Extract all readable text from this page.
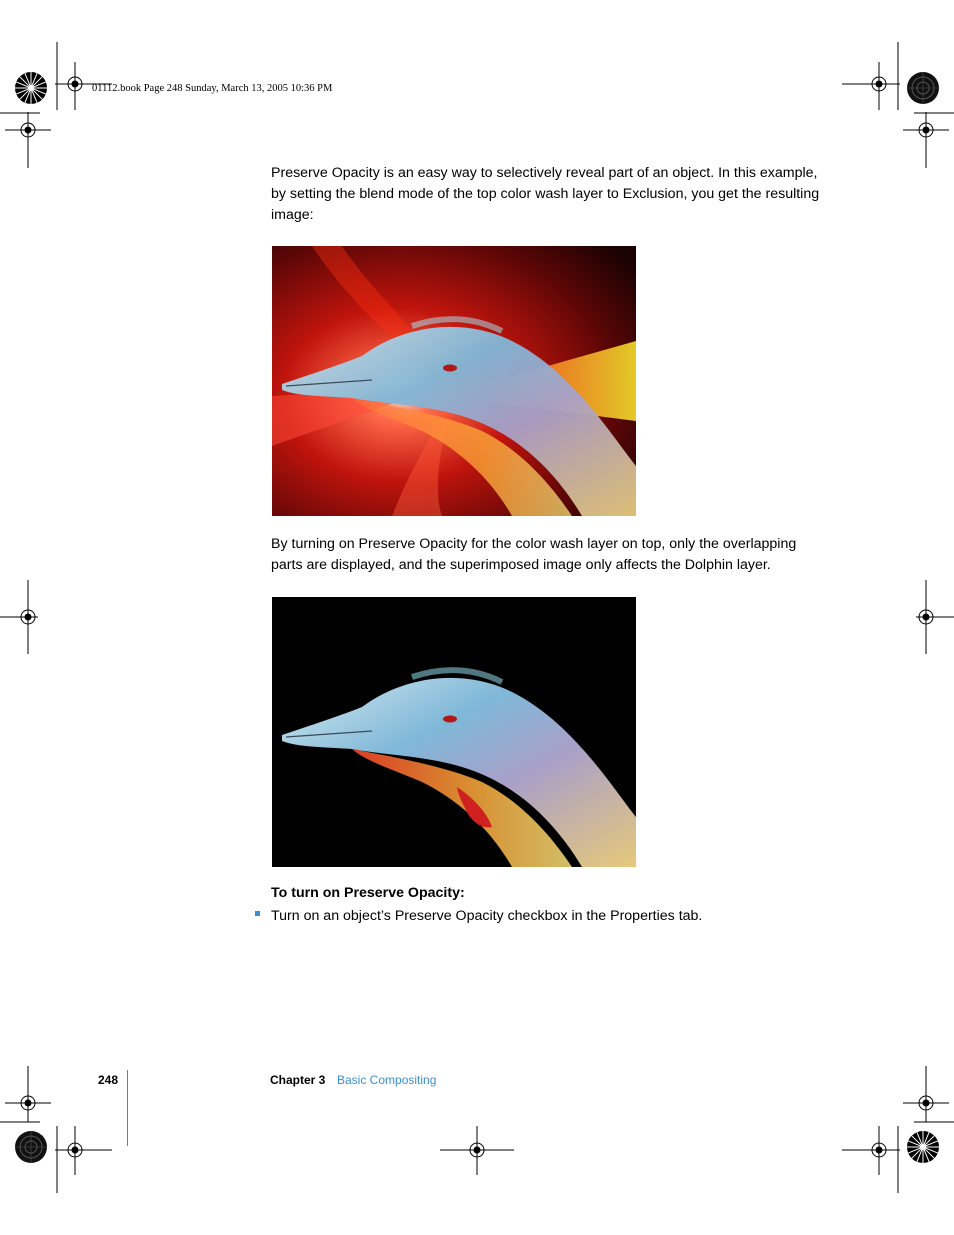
01112.book Page 248 Sunday, March 13, 2005 10:36 PM

Preserve Opacity is an easy way to selectively reveal part of an object. In this example, by setting the blend mode of the top color wash layer to Exclusion, you get the resulting image:

By turning on Preserve Opacity for the color wash layer on top, only the overlapping parts are displayed, and the superimposed image only affects the Dolphin layer.

To turn on Preserve Opacity:
Turn on an object’s Preserve Opacity checkbox in the Properties tab.
248	Chapter 3 Basic Compositing
